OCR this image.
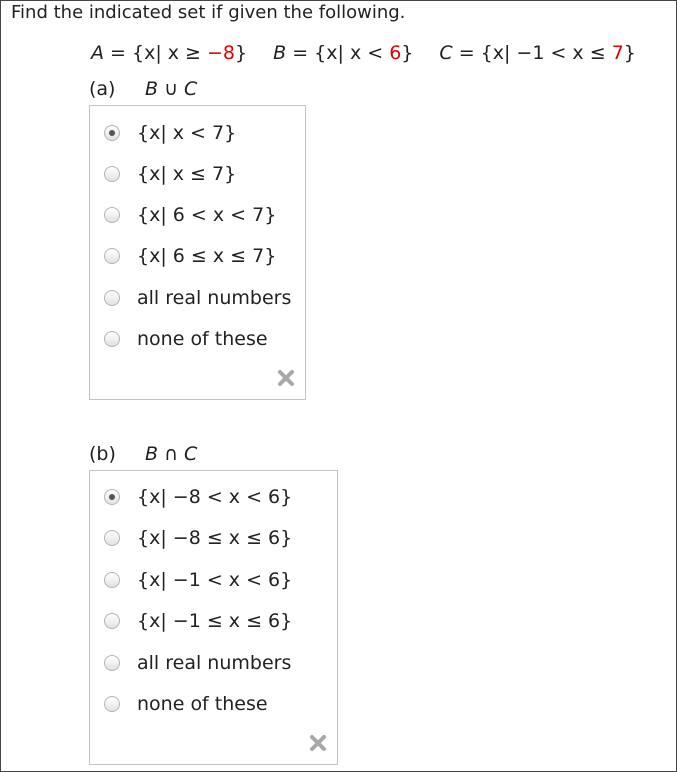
Find the indicated set if given the following.
A = {x| x ≥ −8} B = {x| x < 6} C = {x| −1 < x ≤ 7}
(a) B ∪ C
{x| x < 7}
{x| x ≤ 7}
{x| 6 < x < 7}
{x| 6 ≤ x ≤ 7}
all real numbers
none of these
(b) B ∩ C
{x| −8 < x < 6}
{x| −8 ≤ x ≤ 6}
{x| −1 < x < 6}
{x| −1 ≤ x ≤ 6}
all real numbers
none of these
